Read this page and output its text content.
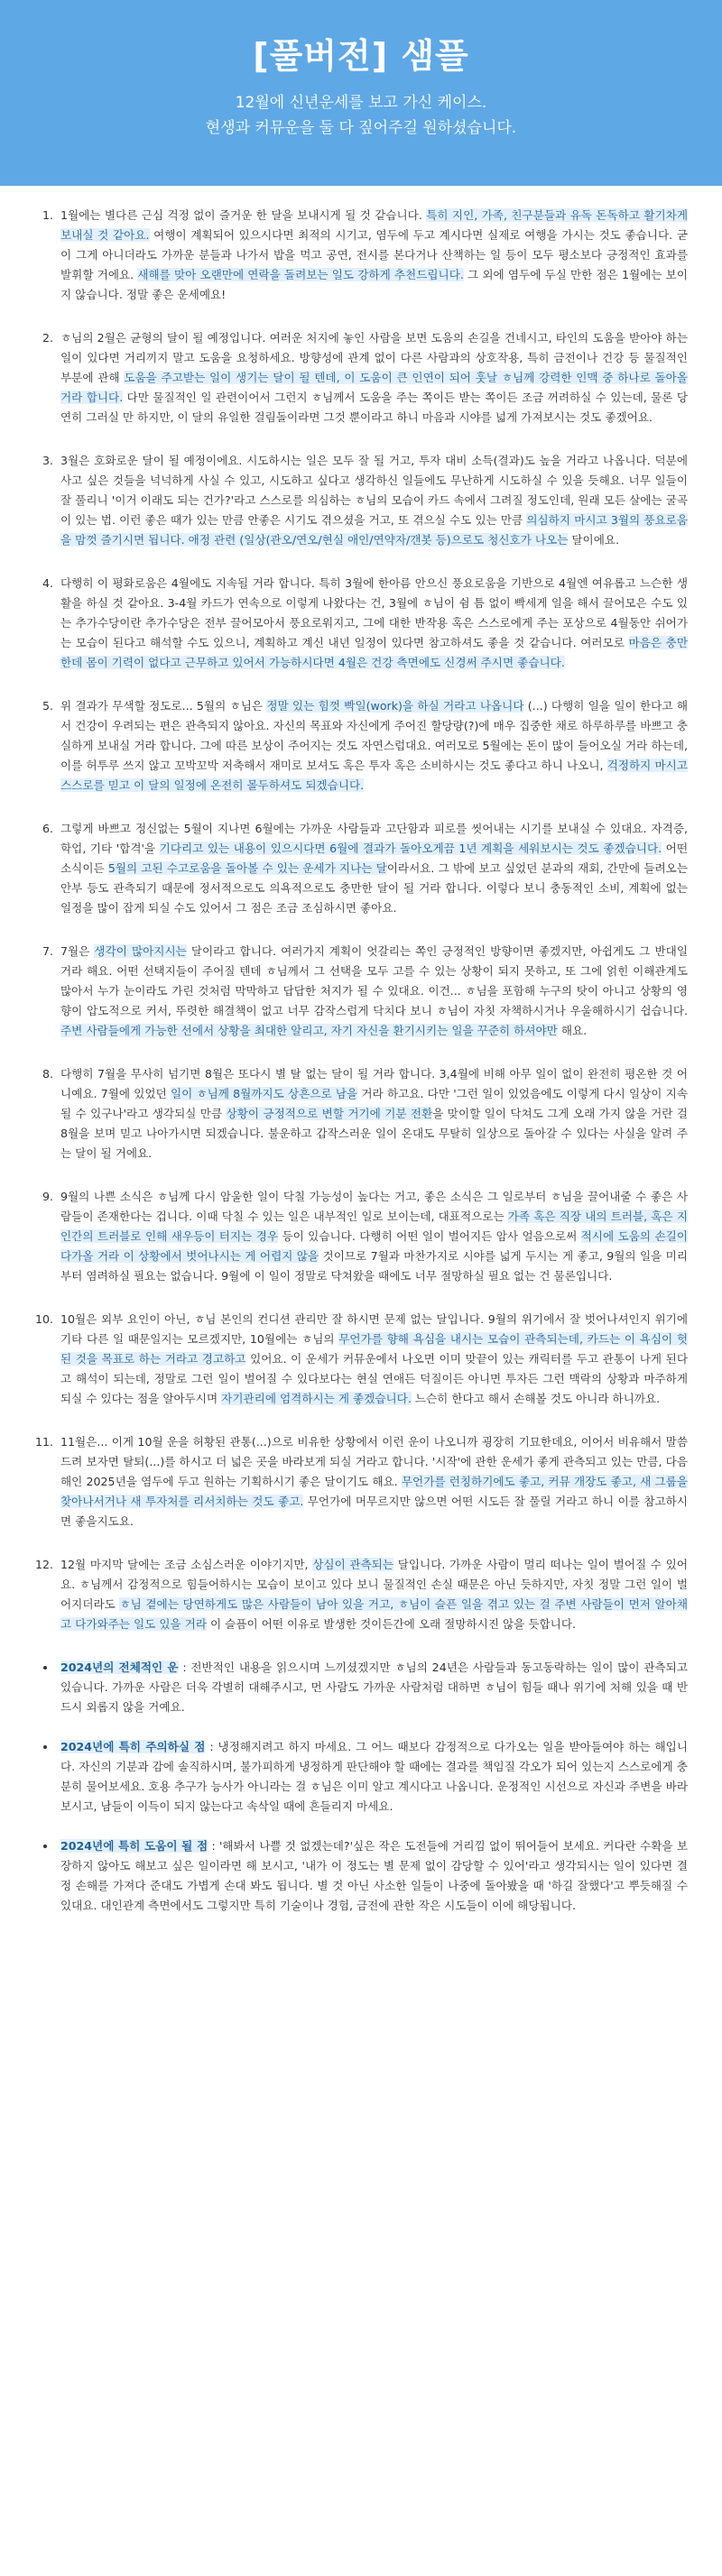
[풀버전] 샘플
12월에 신년운세를 보고 가신 케이스.
현생과 커뮤운을 둘 다 짚어주길 원하셨습니다.
1. 1월에는 별다른 근심 걱정 없이 즐거운 한 달을 보내시게 될 것 같습니다. 특히 지인, 가족, 친구분들과 유독 돈독하고 활기차게 보내실 것 같아요. 여행이 계획되어 있으시다면 최적의 시기고, 염두에 두고 계시다면 실제로 여행을 가시는 것도 좋습니다. 굳이 그게 아니더라도 가까운 분들과 나가서 밥을 먹고 공연, 전시를 본다거나 산책하는 일 등이 모두 평소보다 긍정적인 효과를 발휘할 거에요. 새해를 맞아 오랜만에 연락을 돌려보는 일도 강하게 추천드립니다. 그 외에 염두에 두실 만한 점은 1월에는 보이지 않습니다. 정말 좋은 운세예요!
2. ㅎ님의 2월은 균형의 달이 될 예정입니다. 여러운 처지에 놓인 사람을 보면 도움의 손길을 건네시고, 타인의 도움을 받아야 하는 일이 있다면 거리끼지 말고 도움을 요청하세요. 방향성에 관계 없이 다른 사람과의 상호작용, 특히 금전이나 건강 등 물질적인 부분에 관해 도움을 주고받는 일이 생기는 달이 될 텐데, 이 도움이 큰 인연이 되어 훗날 ㅎ님께 강력한 인맥 중 하나로 돌아올 거라 합니다. 다만 물질적인 일 관련이어서 그런지 ㅎ님께서 도움을 주는 쪽이든 받는 쪽이든 조금 꺼려하실 수 있는데, 물론 당연히 그러실 만 하지만, 이 달의 유일한 걸림돌이라면 그것 뿐이라고 하니 마음과 시야를 넓게 가져보시는 것도 좋겠어요.
3. 3월은 호화로운 달이 될 예정이에요. 시도하시는 일은 모두 잘 될 거고, 투자 대비 소득(결과)도 높을 거라고 나옵니다. 덕분에 사고 싶은 것들을 넉넉하게 사실 수 있고, 시도하고 싶다고 생각하신 일들에도 무난하게 시도하실 수 있을 듯해요. 너무 일들이 잘 풀리니 '이거 이래도 되는 건가?'라고 스스로를 의심하는 ㅎ님의 모습이 카드 속에서 그려질 정도인데, 원래 모든 살에는 굴곡이 있는 법. 이런 좋은 때가 있는 만큼 안좋은 시기도 겪으셨을 거고, 또 겪으실 수도 있는 만큼 의심하지 마시고 3월의 풍요로움을 맘껏 즐기시면 됩니다. 애정 관련 (일상(관오/연오/현실 애인/연약자/갠봇 등)으로도 청신호가 나오는 달이에요.
4. 다행히 이 평화로움은 4월에도 지속될 거라 합니다. 특히 3월에 한아름 안으신 풍요로움을 기반으로 4월엔 여유롭고 느슨한 생활을 하실 것 같아요. 3-4월 카드가 연속으로 이렇게 나왔다는 건, 3월에 ㅎ님이 쉼 틈 없이 빡세게 일을 해서 끌어모은 수도 있는 추가수당이란 추가수당은 전부 끌어모아서 풍요로워지고, 그에 대한 반작용 혹은 스스로에게 주는 포상으로 4월동안 쉬어가는 모습이 된다고 해석할 수도 있으니, 계획하고 계신 내년 일정이 있다면 참고하셔도 좋을 것 같습니다. 여러모로 마음은 충만한데 몸이 기력이 없다고 근무하고 있어서 가능하시다면 4월은 건강 측면에도 신경써 주시면 좋습니다.
5. 위 결과가 무색할 정도로... 5월의 ㅎ님은 정말 있는 힘껏 빡일(work)을 하실 거라고 나옵니다 (...) 다행히 일을 일이 한다고 해서 건강이 우려되는 편은 관측되지 않아요. 자신의 목표와 자신에게 주어진 할당량(?)에 매우 집중한 채로 하루하루를 바쁘고 충실하게 보내실 거라 합니다. 그에 따른 보상이 주어지는 것도 자연스럽대요. 여러모로 5월에는 돈이 많이 들어오실 거라 하는데, 이를 허투루 쓰지 않고 꼬박꼬박 저축해서 재미로 보셔도 혹은 투자 혹은 소비하시는 것도 좋다고 하니 나오니, 걱정하지 마시고 스스로를 믿고 이 달의 일정에 온전히 몰두하셔도 되겠습니다.
6. 그렇게 바쁘고 정신없는 5월이 지나면 6월에는 가까운 사람들과 고단함과 피로를 씻어내는 시기를 보내실 수 있대요. 자격증, 학업, 기타 '합격'을 기다리고 있는 내용이 있으시다면 6월에 결과가 돌아오게끔 1년 계획을 세워보시는 것도 좋겠습니다. 어떤 소식이든 5월의 고된 수고로움을 돌아볼 수 있는 운세가 지나는 달이라서요. 그 밖에 보고 싶었던 분과의 재회, 간만에 들려오는 안부 등도 관측되기 때문에 정서적으로도 의욕적으로도 충만한 달이 될 거라 합니다. 이렇다 보니 충동적인 소비, 계획에 없는 일정을 많이 잡게 되실 수도 있어서 그 점은 조금 조심하시면 좋아요.
7. 7월은 생각이 많아지시는 달이라고 합니다. 여러가지 계획이 엇갈리는 쪽인 긍정적인 방향이면 좋겠지만, 아쉽게도 그 반대일 거라 해요. 어떤 선택지들이 주어질 텐데 ㅎ님께서 그 선택을 모두 고를 수 있는 상황이 되지 못하고, 또 그에 얽힌 이해관계도 많아서 누가 눈이라도 가린 것처럼 막막하고 답답한 처지가 될 수 있대요. 이건... ㅎ님을 포함해 누구의 탓이 아니고 상황의 영향이 압도적으로 커서, 뚜렷한 해결책이 없고 너무 감작스럽게 닥치다 보니 ㅎ님이 자칫 자책하시거나 우울해하시기 쉽습니다. 주변 사람들에게 가능한 선에서 상황을 최대한 알리고, 자기 자신을 환기시키는 일을 꾸준히 하셔야만 해요.
8. 다행히 7월을 무사히 넘기면 8월은 또다시 별 탈 없는 달이 될 거라 합니다. 3,4월에 비해 아무 일이 없이 완전히 평온한 것 어니예요. 7월에 있었던 일이 ㅎ님께 8월까지도 상흔으로 남을 거라 하고요. 다만 '그런 일이 있었음에도 이렇게 다시 일상이 지속될 수 있구나'라고 생각되실 만큼 상황이 긍정적으로 변할 거기에 기분 전환을 맞이할 일이 닥쳐도 그게 오래 가지 않을 거란 걸 8월을 보며 믿고 나아가시면 되겠습니다. 불운하고 갑작스러운 일이 온대도 무탈히 일상으로 돌아갈 수 있다는 사실을 알려 주는 달이 될 거에요.
9. 9월의 나쁜 소식은 ㅎ님께 다시 암울한 일이 닥칠 가능성이 높다는 거고, 좋은 소식은 그 일로부터 ㅎ님을 끌어내줄 수 좋은 사람들이 존재한다는 겁니다. 이때 닥칠 수 있는 일은 내부적인 일로 보이는데, 대표적으로는 가족 혹은 직장 내의 트러블, 혹은 지인간의 트러블로 인해 새우등이 터지는 경우 등이 있습니다. 다행히 어떤 일이 벌어지든 암사 얼음으로써 적시에 도움의 손길이 다가올 거라 이 상황에서 벗어나시는 게 어렵지 않을 것이므로 7월과 마찬가지로 시야를 넓게 두시는 게 좋고, 9월의 일을 미리부터 염려하실 필요는 없습니다. 9월에 이 일이 정말로 닥쳐왔을 때에도 너무 절망하실 필요 없는 건 물론입니다.
10. 10월은 외부 요인이 아닌, ㅎ님 본인의 컨디션 관리만 잘 하시면 문제 없는 달입니다. 9월의 위기에서 잘 벗어나셔인지 위기에 기타 다른 일 때문일지는 모르겠지만, 10월에는 ㅎ님의 무언가를 향해 욕심을 내시는 모습이 관측되는데, 카드는 이 욕심이 헛된 것을 목표로 하는 거라고 경고하고 있어요. 이 운세가 커뮤운에서 나오면 이미 맞끝이 있는 캐릭터를 두고 관통이 나게 된다고 해석이 되는데, 정말로 그런 일이 벌어질 수 있다보다는 현실 연애든 덕질이든 아니면 투자든 그런 맥락의 상황과 마주하게 되실 수 있다는 점을 알아두시며 자기관리에 엄격하시는 게 좋겠습니다. 느슨히 한다고 해서 손해볼 것도 아니라 하니까요.
11. 11월은... 이게 10월 운을 허황된 관통(...)으로 비유한 상황에서 이런 운이 나오니까 굉장히 기묘한데요, 이어서 비유해서 말씀드려 보자면 탈퇴(...)를 하시고 더 넓은 곳을 바라보게 되실 거라고 합니다. '시작'에 관한 운세가 좋게 관측되고 있는 만큼, 다음 해인 2025년을 염두에 두고 원하는 기획하시기 좋은 달이기도 해요. 무언가를 런칭하기에도 좋고, 커뮤 개장도 좋고, 새 그룹을 찾아나서거나 새 투자처를 리서치하는 것도 좋고. 무언가에 머무르지만 않으면 어떤 시도든 잘 풀릴 거라고 하니 이를 참고하시면 좋을지도요.
12. 12월 마지막 달에는 조금 소심스러운 이야기지만, 상심이 관측되는 달입니다. 가까운 사람이 멀리 떠나는 일이 벌어질 수 있어요. ㅎ님께서 감정적으로 힘들어하시는 모습이 보이고 있다 보니 물질적인 손실 때문은 아닌 듯하지만, 자칫 정말 그런 일이 벌어지더라도 ㅎ님 곁에는 당연하게도 많은 사람들이 남아 있을 거고, ㅎ님이 슬픈 일을 겪고 있는 걸 주변 사람들이 먼저 알아채고 다가와주는 일도 있을 거라 이 슬픔이 어떤 이유로 발생한 것이든간에 오래 절망하시진 않을 듯합니다.
• 2024년의 전체적인 운 : 전반적인 내용을 읽으시며 느끼셨겠지만 ㅎ님의 24년은 사람들과 동고동락하는 일이 많이 관측되고 있습니다. 가까운 사람은 더욱 각별히 대해주시고, 먼 사람도 가까운 사람처럼 대하면 ㅎ님이 힘들 때나 위기에 처해 있을 때 반드시 외롭지 않을 거예요.
• 2024년에 특히 주의하실 점 : 냉정해지려고 하지 마세요. 그 어느 때보다 감정적으로 다가오는 일을 받아들여야 하는 해입니다. 자신의 기분과 감에 솔직하시며, 불가피하게 냉정하게 판단해야 할 때에는 결과를 책임질 각오가 되어 있는지 스스로에게 충분히 물어보세요. 호용 추구가 능사가 아니라는 걸 ㅎ님은 이미 알고 계시다고 나옵니다. 운정적인 시선으로 자신과 주변을 바라보시고, 남들이 이득이 되지 않는다고 속삭일 때에 흔들리지 마세요.
• 2024년에 특히 도움이 될 점 : '해봐서 나쁠 것 없겠는데?'싶은 작은 도전들에 거리낌 없이 뛰어들어 보세요. 커다란 수확을 보장하지 않아도 해보고 싶은 일이라면 해 보시고, '내가 이 정도는 별 문제 없이 감당할 수 있어'라고 생각되시는 일이 있다면 결정 손해를 가져다 준대도 가볍게 손대 봐도 됩니다. 별 것 아닌 사소한 일들이 나중에 돌아봤을 때 '하길 잘했다'고 뿌듯해질 수 있대요. 대인관계 측면에서도 그렇지만 특히 기술이나 경험, 금전에 관한 작은 시도들이 이에 해당됩니다.
